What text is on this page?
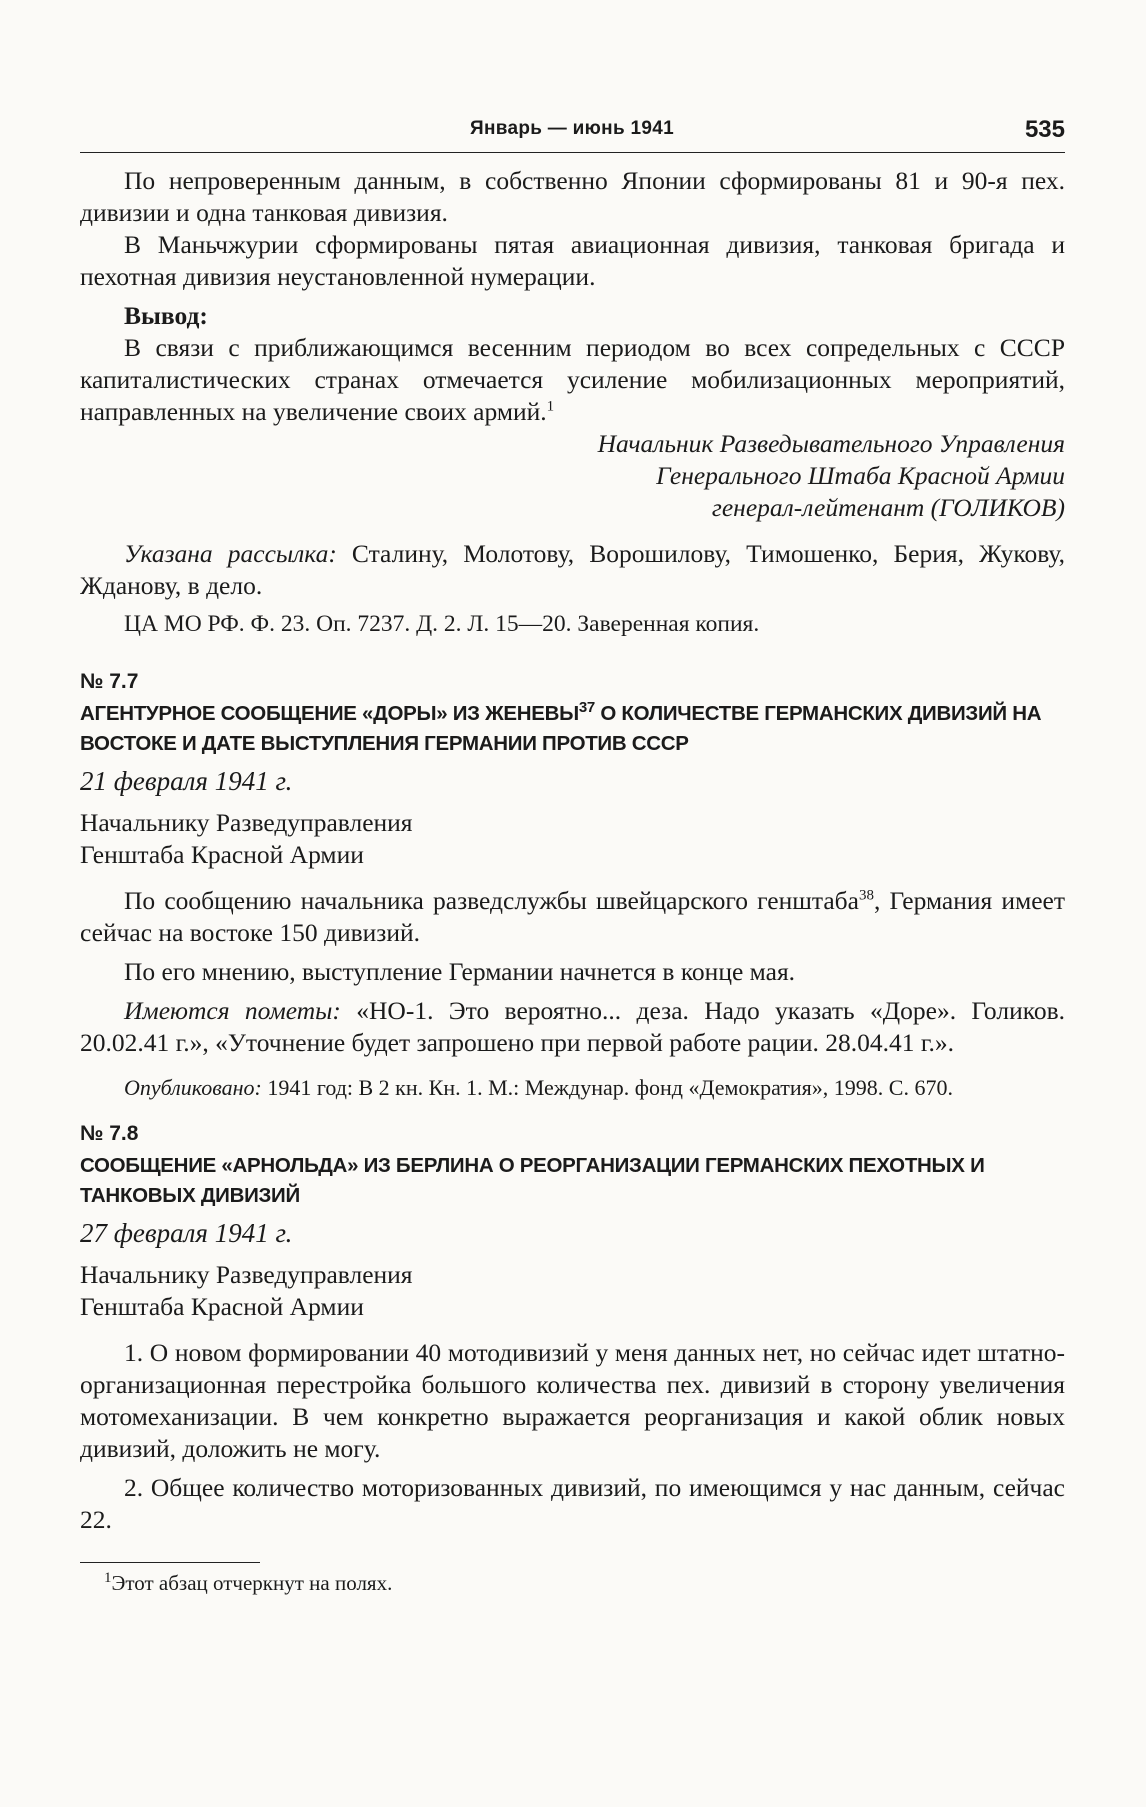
Январь — июнь 1941	535

По непроверенным данным, в собственно Японии сформированы 81 и 90-я пех. дивизии и одна танковая дивизия.

В Маньчжурии сформированы пятая авиационная дивизия, танковая бригада и пехотная дивизия неустановленной нумерации.

Вывод:

В связи с приближающимся весенним периодом во всех сопредельных с СССР капиталистических странах отмечается усиление мобилизационных мероприятий, направленных на увеличение своих армий.$^1$

Начальник Разведывательного Управления

Генерального Штаба Красной Армии

генерал-лейтенант (ГОЛИКОВ)

Указана рассылка: Сталину, Молотову, Ворошилову, Тимошенко, Берия, Жукову, Жданову, в дело.

ЦА МО РФ. Ф. 23. Оп. 7237. Д. 2. Л. 15—20. Заверенная копия.

№ 7.7
АГЕНТУРНОЕ СООБЩЕНИЕ «ДОРЫ» ИЗ ЖЕНЕВЫ$^{37}$ О КОЛИЧЕСТВЕ ГЕРМАНСКИХ ДИВИЗИЙ НА ВОСТОКЕ И ДАТЕ ВЫСТУПЛЕНИЯ ГЕРМАНИИ ПРОТИВ СССР

21 февраля 1941 г.

Начальнику Разведуправления

Генштаба Красной Армии

По сообщению начальника разведслужбы швейцарского генштаба$^{38}$, Германия имеет сейчас на востоке 150 дивизий.

По его мнению, выступление Германии начнется в конце мая.

Имеются пометы: «НО-1. Это вероятно... деза. Надо указать «Доре». Голиков. 20.02.41 г.», «Уточнение будет запрошено при первой работе рации. 28.04.41 г.».

Опубликовано: 1941 год: В 2 кн. Кн. 1. М.: Междунар. фонд «Демократия», 1998. С. 670.

№ 7.8
СООБЩЕНИЕ «АРНОЛЬДА» ИЗ БЕРЛИНА О РЕОРГАНИЗАЦИИ ГЕРМАНСКИХ ПЕХОТНЫХ И ТАНКОВЫХ ДИВИЗИЙ

27 февраля 1941 г.

Начальнику Разведуправления

Генштаба Красной Армии

1. О новом формировании 40 мотодивизий у меня данных нет, но сейчас идет штатно-организационная перестройка большого количества пех. дивизий в сторону увеличения мотомеханизации. В чем конкретно выражается реорганизация и какой облик новых дивизий, доложить не могу.

2. Общее количество моторизованных дивизий, по имеющимся у нас данным, сейчас 22.

$^1$Этот абзац отчеркнут на полях.
